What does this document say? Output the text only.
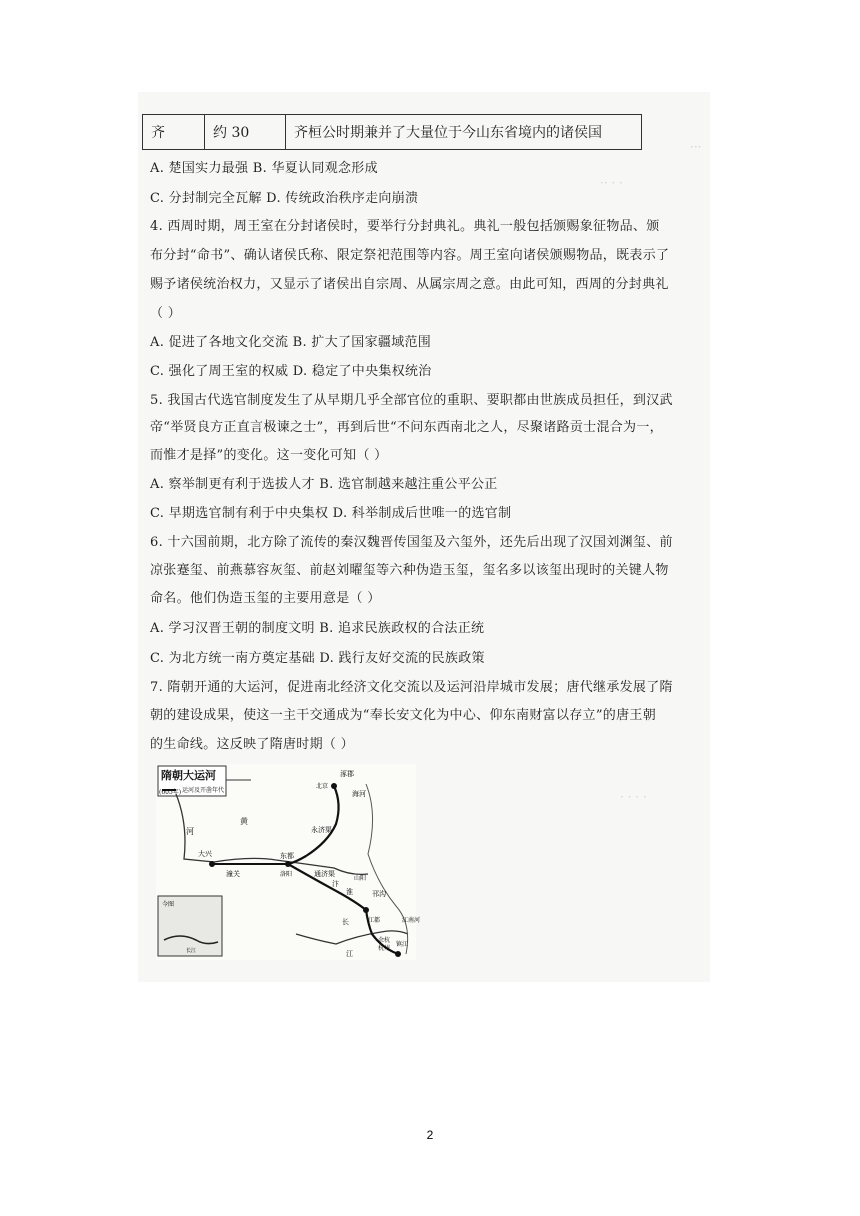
···
·· · ·
· · · ·
齐	约 30	齐桓公时期兼并了大量位于今山东省境内的诸侯国
A. 楚国实力最强 B. 华夏认同观念形成
C. 分封制完全瓦解 D. 传统政治秩序走向崩溃
4. 西周时期，周王室在分封诸侯时，要举行分封典礼。典礼一般包括颁赐象征物品、颁
布分封“命书”、确认诸侯氏称、限定祭祀范围等内容。周王室向诸侯颁赐物品，既表示了
赐予诸侯统治权力，又显示了诸侯出自宗周、从属宗周之意。由此可知，西周的分封典礼
（ ）
A. 促进了各地文化交流 B. 扩大了国家疆域范围
C. 强化了周王室的权威 D. 稳定了中央集权统治
5. 我国古代选官制度发生了从早期几乎全部官位的重职、要职都由世族成员担任，到汉武
帝“举贤良方正直言极谏之士”，再到后世“不问东西南北之人，尽聚诸路贡士混合为一，
而惟才是择”的变化。这一变化可知（ ）
A. 察举制更有利于选拔人才 B. 选官制越来越注重公平公正
C. 早期选官制有利于中央集权 D. 科举制成后世唯一的选官制
6. 十六国前期，北方除了流传的秦汉魏晋传国玺及六玺外，还先后出现了汉国刘渊玺、前
凉张蹇玺、前燕慕容灰玺、前赵刘曜玺等六种伪造玉玺，玺名多以该玺出现时的关键人物
命名。他们伪造玉玺的主要用意是（ ）
A. 学习汉晋王朝的制度文明 B. 追求民族政权的合法正统
C. 为北方统一南方奠定基础 D. 践行友好交流的民族政策
7. 隋朝开通的大运河，促进南北经济文化交流以及运河沿岸城市发展；唐代继承发展了隋
朝的建设成果，使这一主干交通成为“奉长安文化为中心、仰东南财富以存立”的唐王朝
的生命线。这反映了隋唐时期（ ）
隋朝大运河
(605年) 运河及开凿年代
涿郡
北京
海河
永济渠
黄
东都
洛阳
大兴
潼关
河
通济渠
汴
淮
山阳
邗沟
江都	江南河
余杭
杭州
镇江
长
江
今图
长江
2
